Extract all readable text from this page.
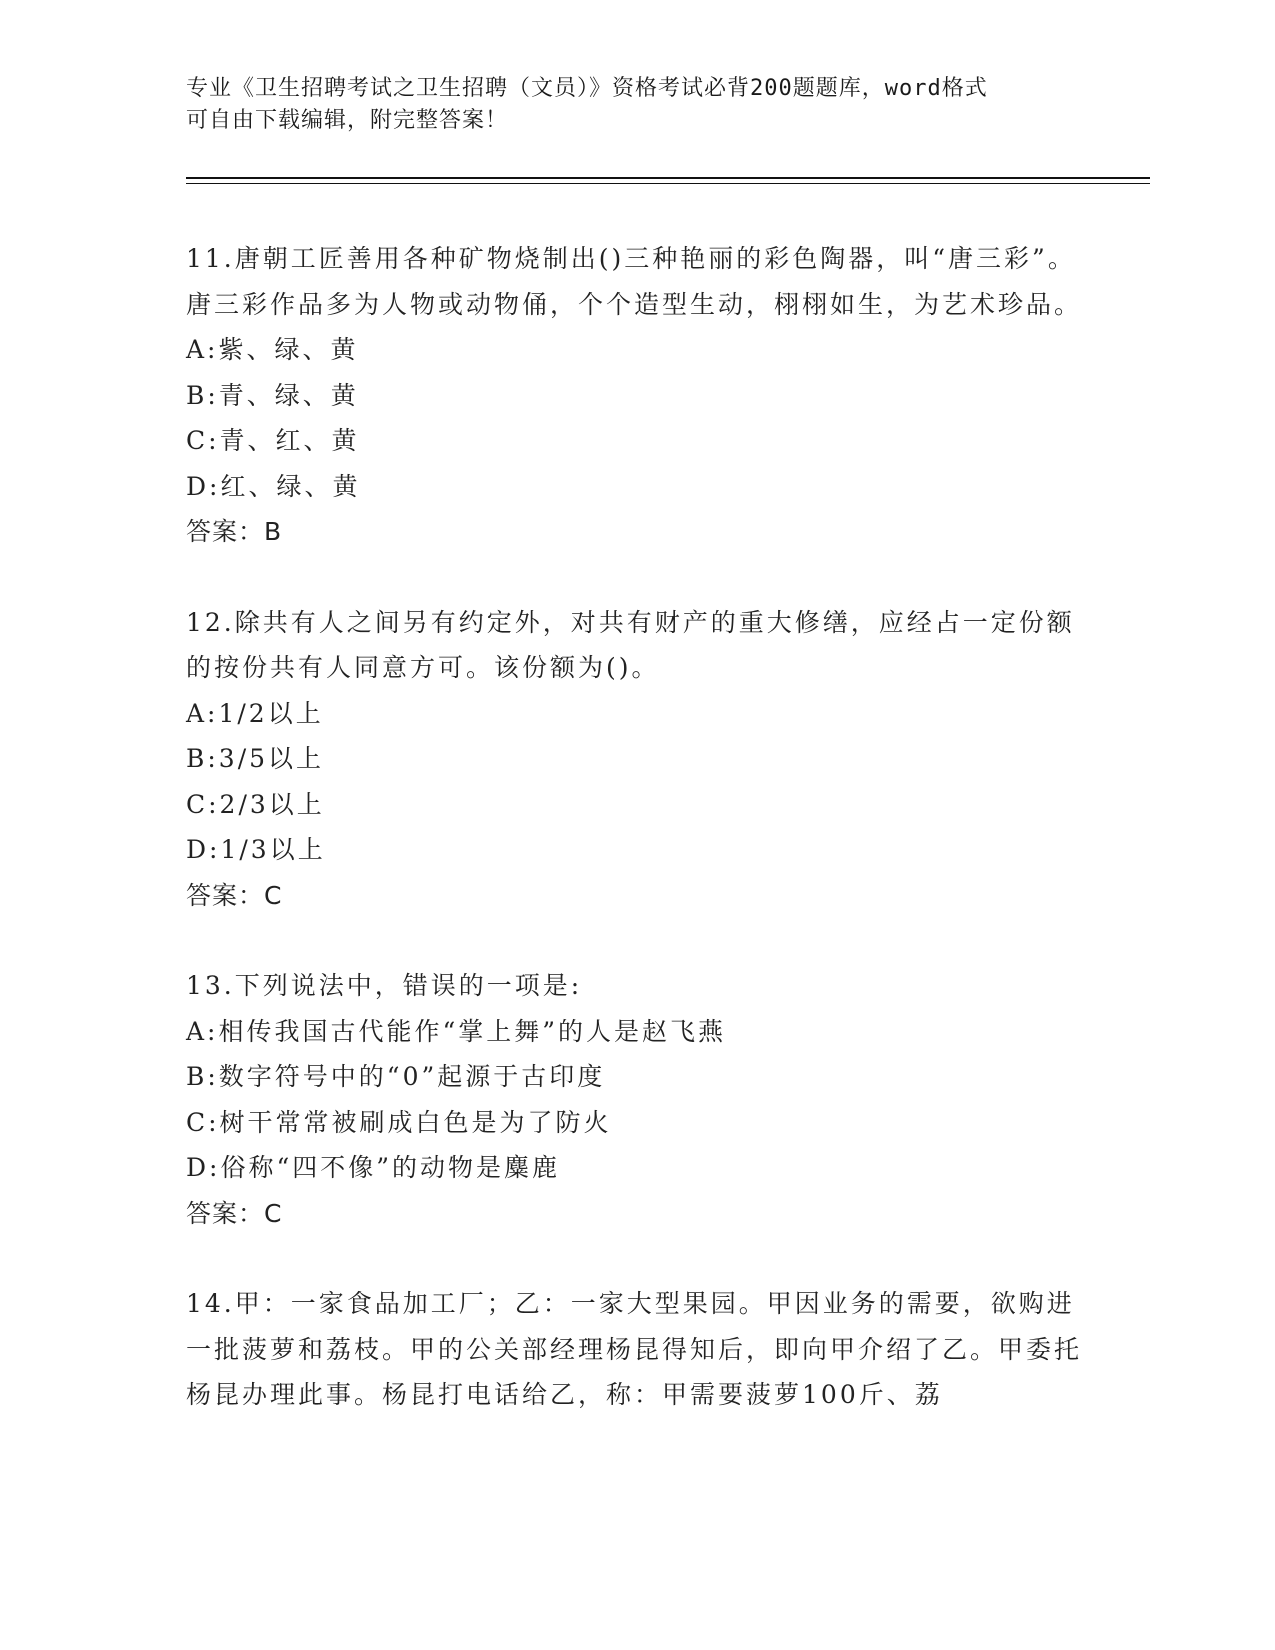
专业《卫生招聘考试之卫生招聘（文员）》资格考试必背200题题库，word格式
可自由下载编辑，附完整答案！

11.唐朝工匠善用各种矿物烧制出()三种艳丽的彩色陶器，叫“唐三彩”。唐三彩作品多为人物或动物俑，个个造型生动，栩栩如生，为艺术珍品。

A:紫、绿、黄

B:青、绿、黄

C:青、红、黄

D:红、绿、黄

答案：B

12.除共有人之间另有约定外，对共有财产的重大修缮，应经占一定份额的按份共有人同意方可。该份额为()。

A:1/2以上

B:3/5以上

C:2/3以上

D:1/3以上

答案：C

13.下列说法中，错误的一项是:

A:相传我国古代能作“掌上舞”的人是赵飞燕

B:数字符号中的“0”起源于古印度

C:树干常常被刷成白色是为了防火

D:俗称“四不像”的动物是麋鹿

答案：C

14.甲：一家食品加工厂；乙：一家大型果园。甲因业务的需要，欲购进一批菠萝和荔枝。甲的公关部经理杨昆得知后，即向甲介绍了乙。甲委托杨昆办理此事。杨昆打电话给乙，称：甲需要菠萝100斤、荔
